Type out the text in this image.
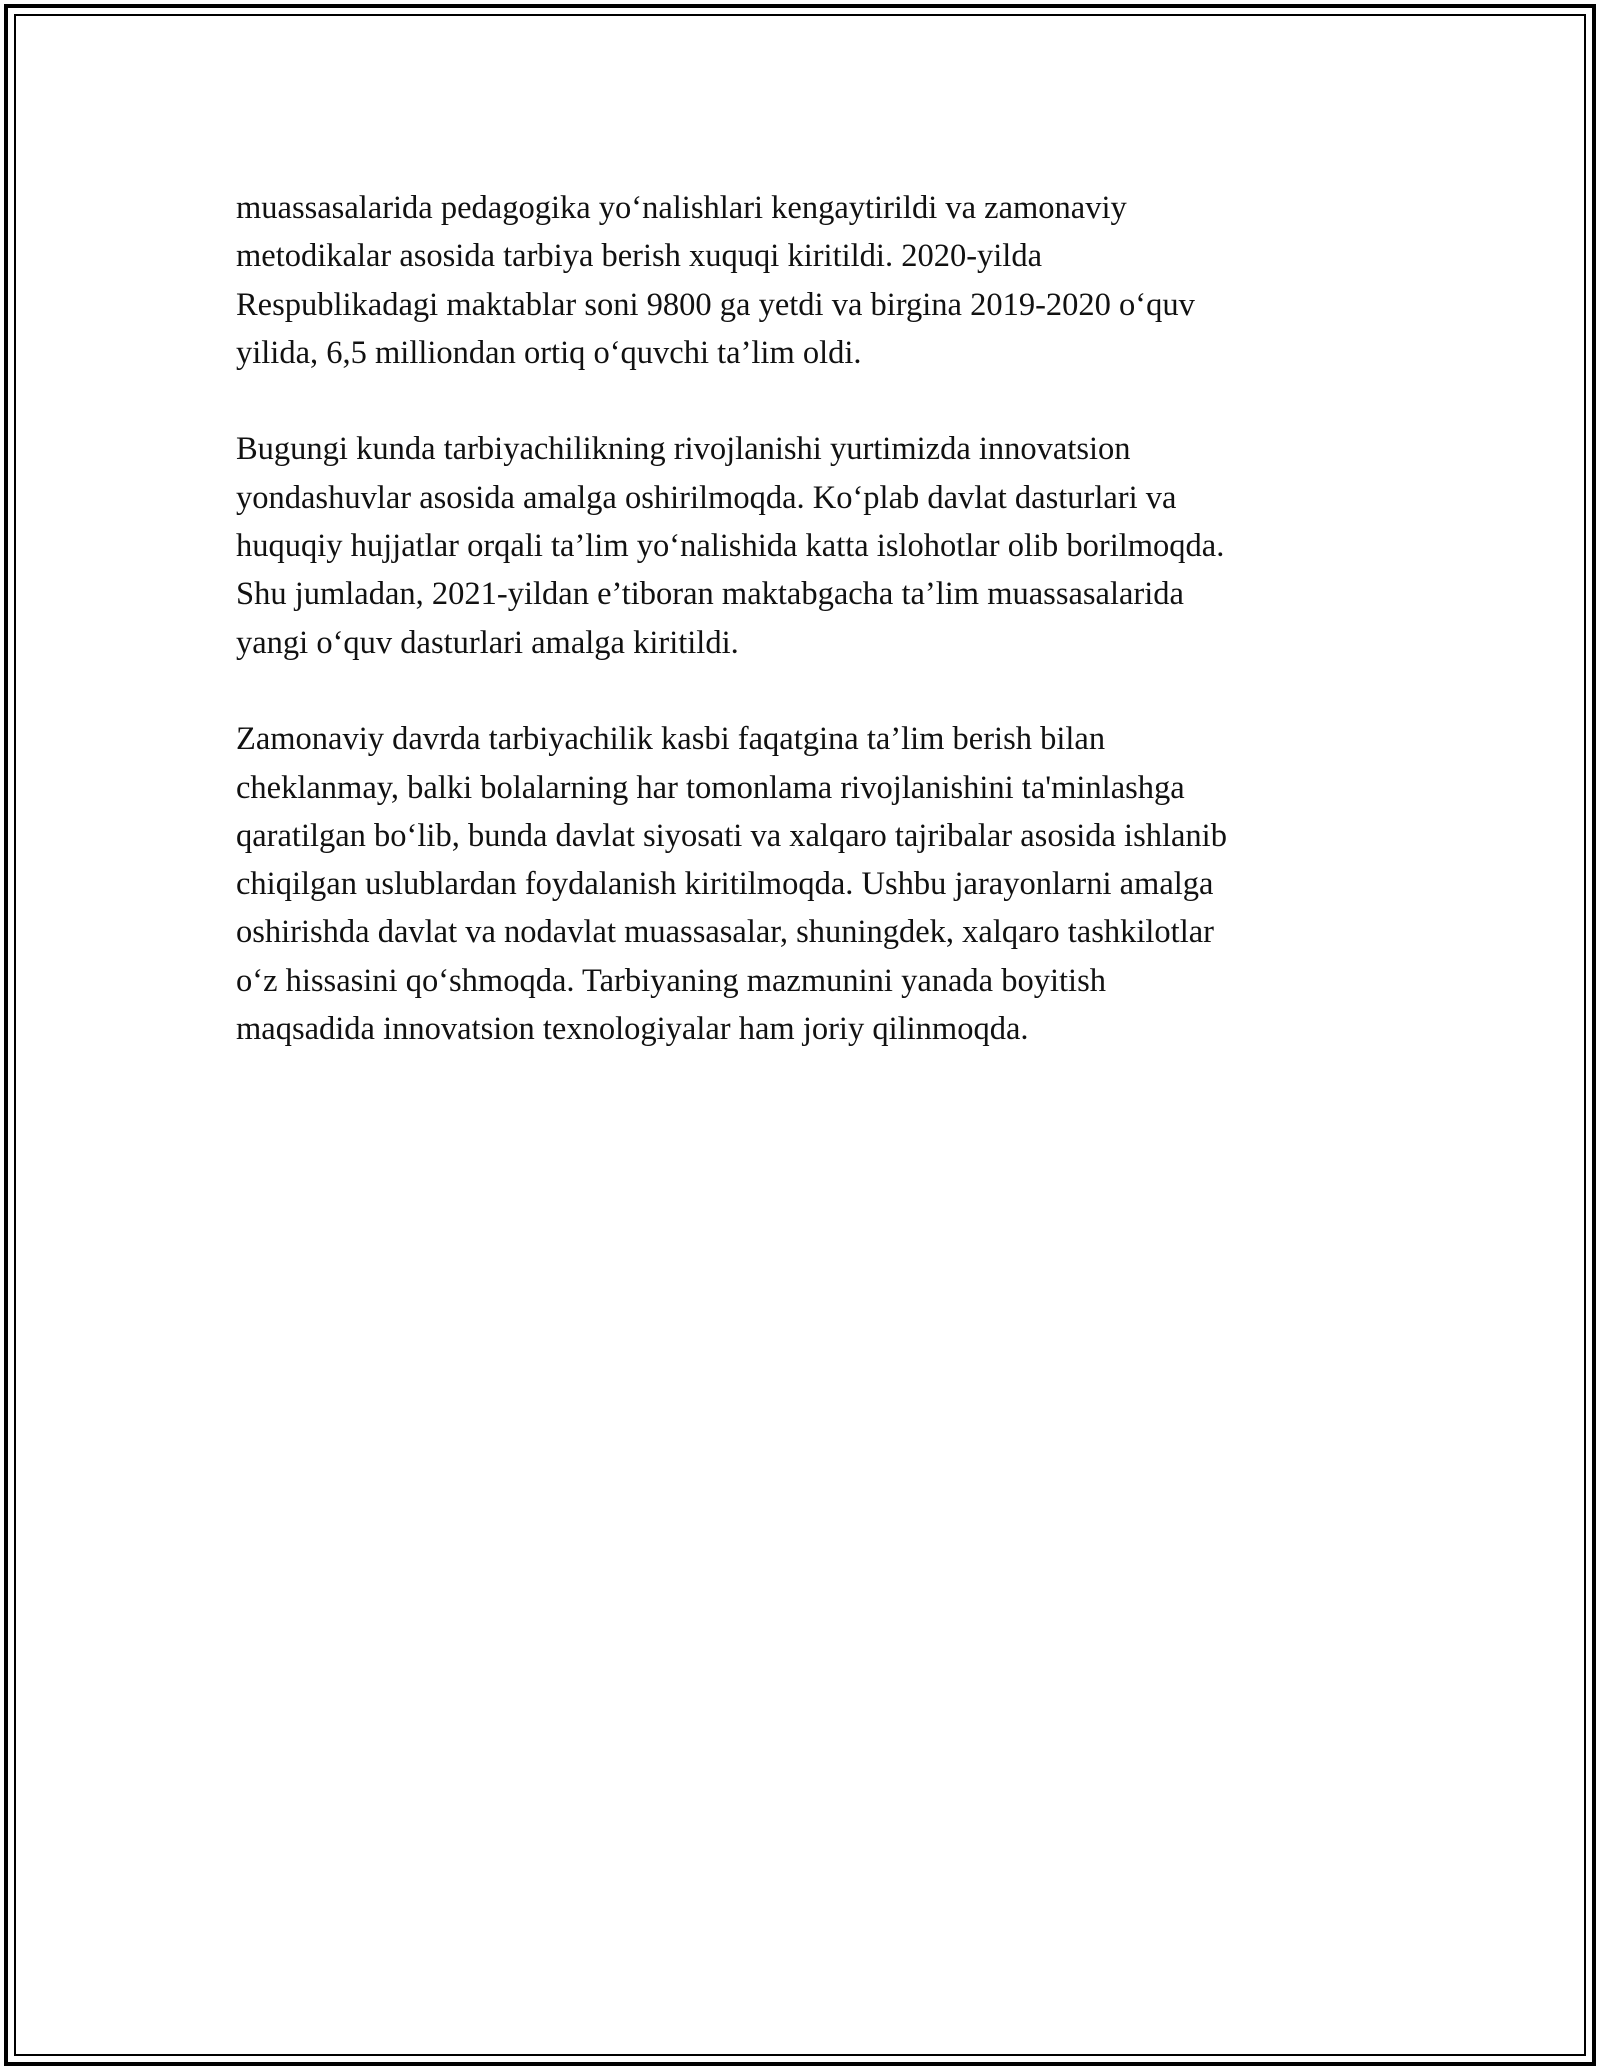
muassasalarida pedagogika yo‘nalishlari kengaytirildi va zamonaviy
metodikalar asosida tarbiya berish xuquqi kiritildi. 2020-yilda
Respublikadagi maktablar soni 9800 ga yetdi va birgina 2019-2020 o‘quv
yilida, 6,5 milliondan ortiq o‘quvchi ta’lim oldi.

Bugungi kunda tarbiyachilikning rivojlanishi yurtimizda innovatsion
yondashuvlar asosida amalga oshirilmoqda. Ko‘plab davlat dasturlari va
huquqiy hujjatlar orqali ta’lim yo‘nalishida katta islohotlar olib borilmoqda.
Shu jumladan, 2021-yildan e’tiboran maktabgacha ta’lim muassasalarida
yangi o‘quv dasturlari amalga kiritildi.

Zamonaviy davrda tarbiyachilik kasbi faqatgina ta’lim berish bilan
cheklanmay, balki bolalarning har tomonlama rivojlanishini ta'minlashga
qaratilgan bo‘lib, bunda davlat siyosati va xalqaro tajribalar asosida ishlanib
chiqilgan uslublardan foydalanish kiritilmoqda. Ushbu jarayonlarni amalga
oshirishda davlat va nodavlat muassasalar, shuningdek, xalqaro tashkilotlar
o‘z hissasini qo‘shmoqda. Tarbiyaning mazmunini yanada boyitish
maqsadida innovatsion texnologiyalar ham joriy qilinmoqda.
